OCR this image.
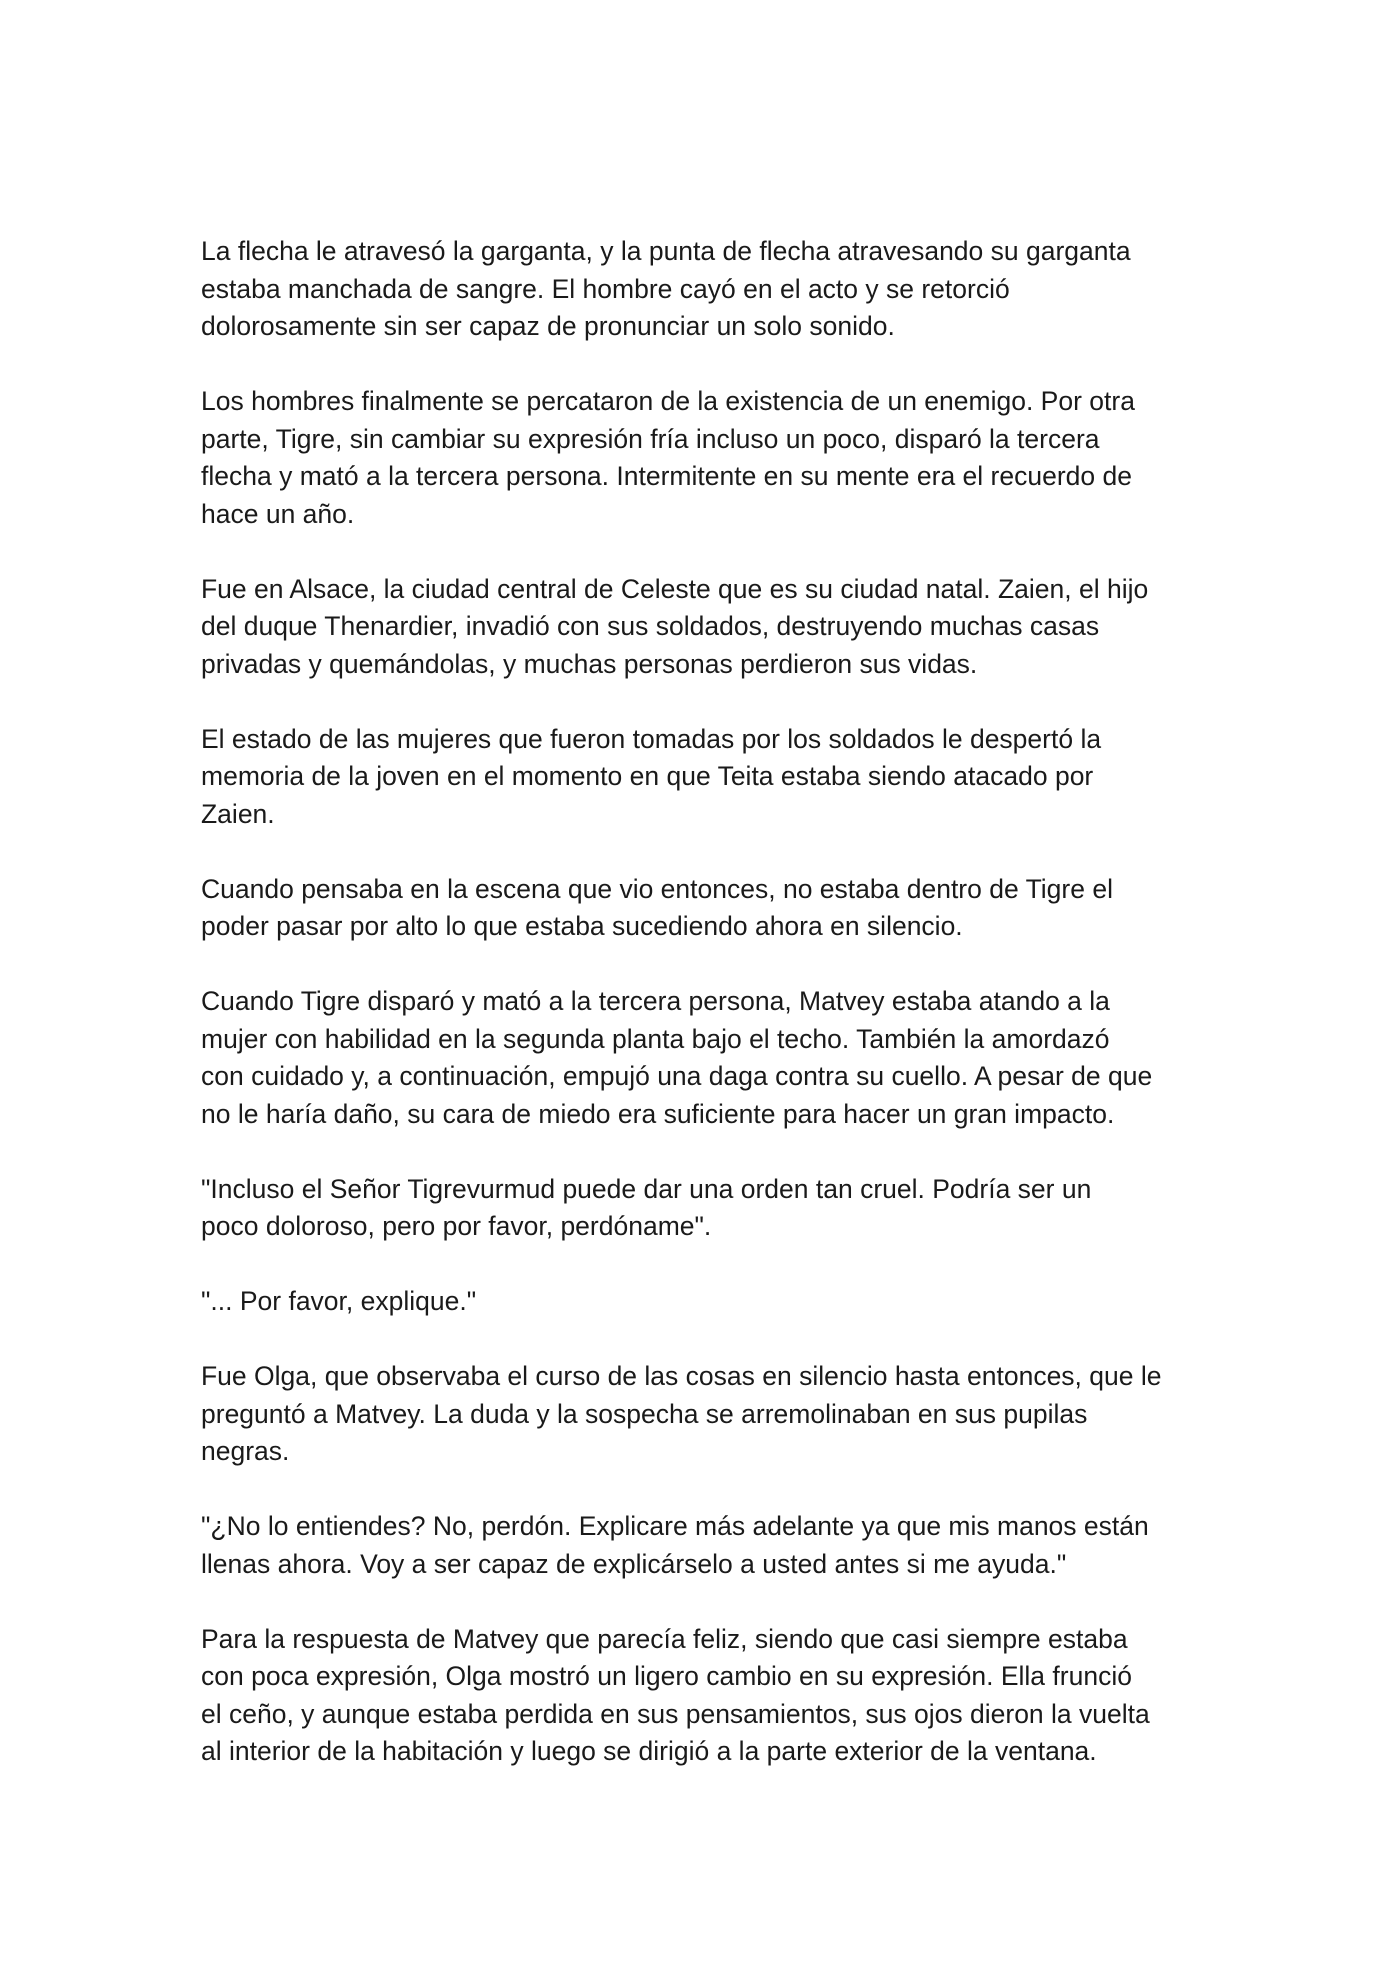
La flecha le atravesó la garganta, y la punta de flecha atravesando su garganta
estaba manchada de sangre. El hombre cayó en el acto y se retorció
dolorosamente sin ser capaz de pronunciar un solo sonido.

Los hombres finalmente se percataron de la existencia de un enemigo. Por otra
parte, Tigre, sin cambiar su expresión fría incluso un poco, disparó la tercera
flecha y mató a la tercera persona. Intermitente en su mente era el recuerdo de
hace un año.

Fue en Alsace, la ciudad central de Celeste que es su ciudad natal. Zaien, el hijo
del duque Thenardier, invadió con sus soldados, destruyendo muchas casas
privadas y quemándolas, y muchas personas perdieron sus vidas.

El estado de las mujeres que fueron tomadas por los soldados le despertó la
memoria de la joven en el momento en que Teita estaba siendo atacado por
Zaien.

Cuando pensaba en la escena que vio entonces, no estaba dentro de Tigre el
poder pasar por alto lo que estaba sucediendo ahora en silencio.

Cuando Tigre disparó y mató a la tercera persona, Matvey estaba atando a la
mujer con habilidad en la segunda planta bajo el techo. También la amordazó
con cuidado y, a continuación, empujó una daga contra su cuello. A pesar de que
no le haría daño, su cara de miedo era suficiente para hacer un gran impacto.

"Incluso el Señor Tigrevurmud puede dar una orden tan cruel. Podría ser un
poco doloroso, pero por favor, perdóname".

"... Por favor, explique."

Fue Olga, que observaba el curso de las cosas en silencio hasta entonces, que le
preguntó a Matvey. La duda y la sospecha se arremolinaban en sus pupilas
negras.

"¿No lo entiendes? No, perdón. Explicare más adelante ya que mis manos están
llenas ahora. Voy a ser capaz de explicárselo a usted antes si me ayuda."

Para la respuesta de Matvey que parecía feliz, siendo que casi siempre estaba
con poca expresión, Olga mostró un ligero cambio en su expresión. Ella frunció
el ceño, y aunque estaba perdida en sus pensamientos, sus ojos dieron la vuelta
al interior de la habitación y luego se dirigió a la parte exterior de la ventana.
